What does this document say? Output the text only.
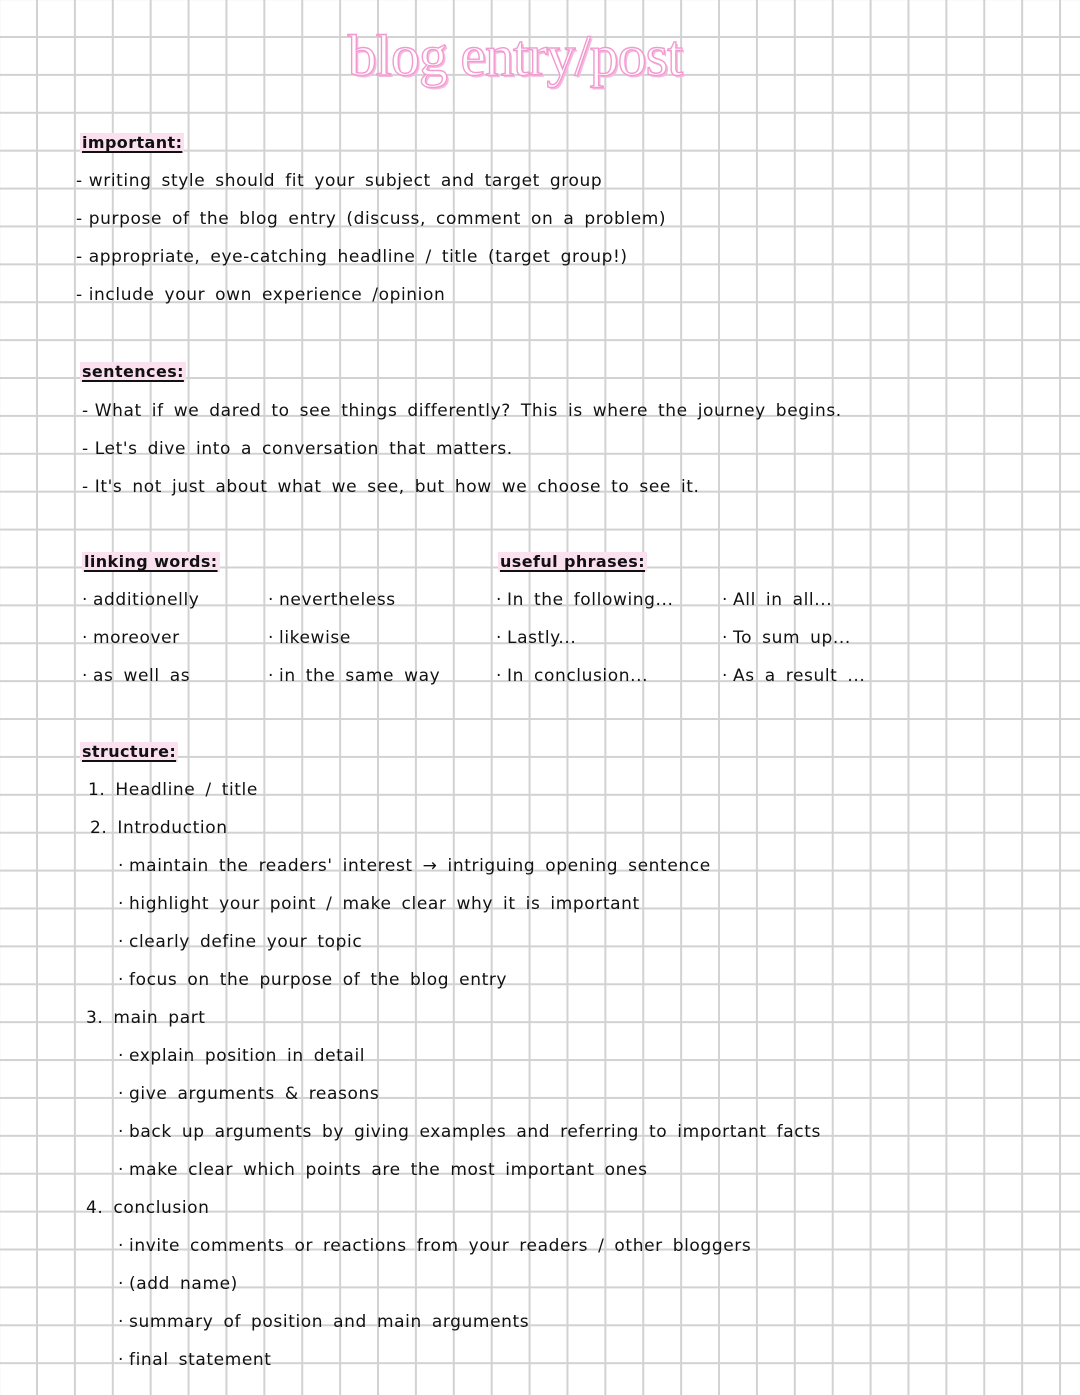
blog entry/post
important:
- writing style should fit your subject and target group
- purpose of the blog entry (discuss, comment on a problem)
- appropriate, eye-catching headline / title (target group!)
- include your own experience /opinion
sentences:
- What if we dared to see things differently? This is where the journey begins.
- Let's dive into a conversation that matters.
- It's not just about what we see, but how we choose to see it.
linking words:
· additionelly
· moreover
· as well as
· nevertheless
· likewise
· in the same way
useful phrases:
· In the following...
· Lastly...
· In conclusion...
· All in all...
· To sum up...
· As a result ...
structure:
1. Headline / title
2. Introduction
· maintain the readers' interest → intriguing opening sentence
· highlight your point / make clear why it is important
· clearly define your topic
· focus on the purpose of the blog entry
3. main part
· explain position in detail
· give arguments & reasons
· back up arguments by giving examples and referring to important facts
· make clear which points are the most important ones
4. conclusion
· invite comments or reactions from your readers / other bloggers
· (add name)
· summary of position and main arguments
· final statement
